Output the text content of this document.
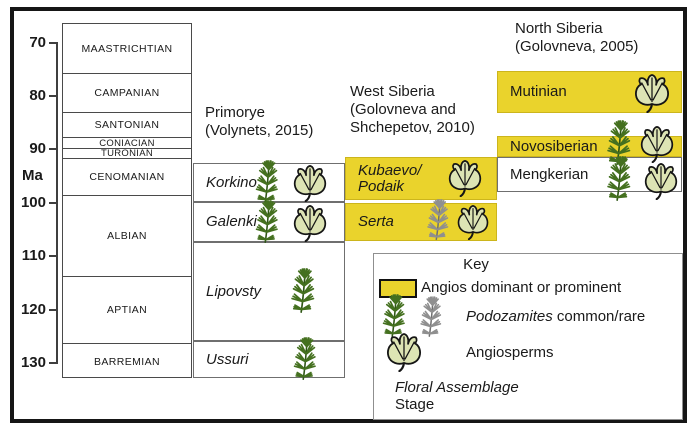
Ma
70
80
90
100
110
120
130
MAASTRICHTIAN
CAMPANIAN
SANTONIAN
CONIACIAN
TURONIAN
CENOMANIAN
ALBIAN
APTIAN
BARREMIAN
Primorye
(Volynets, 2015)
West Siberia
(Golovneva and
Shchepetov, 2010)
North Siberia
(Golovneva, 2005)
Korkino
Galenki
Lipovsty
Ussuri
Kubaevo/
Podaik
Serta
Mutinian
Novosiberian
Mengkerian
Key
Angios dominant or prominent
Podozamites common/rare
Angiosperms
Floral Assemblage
Stage
